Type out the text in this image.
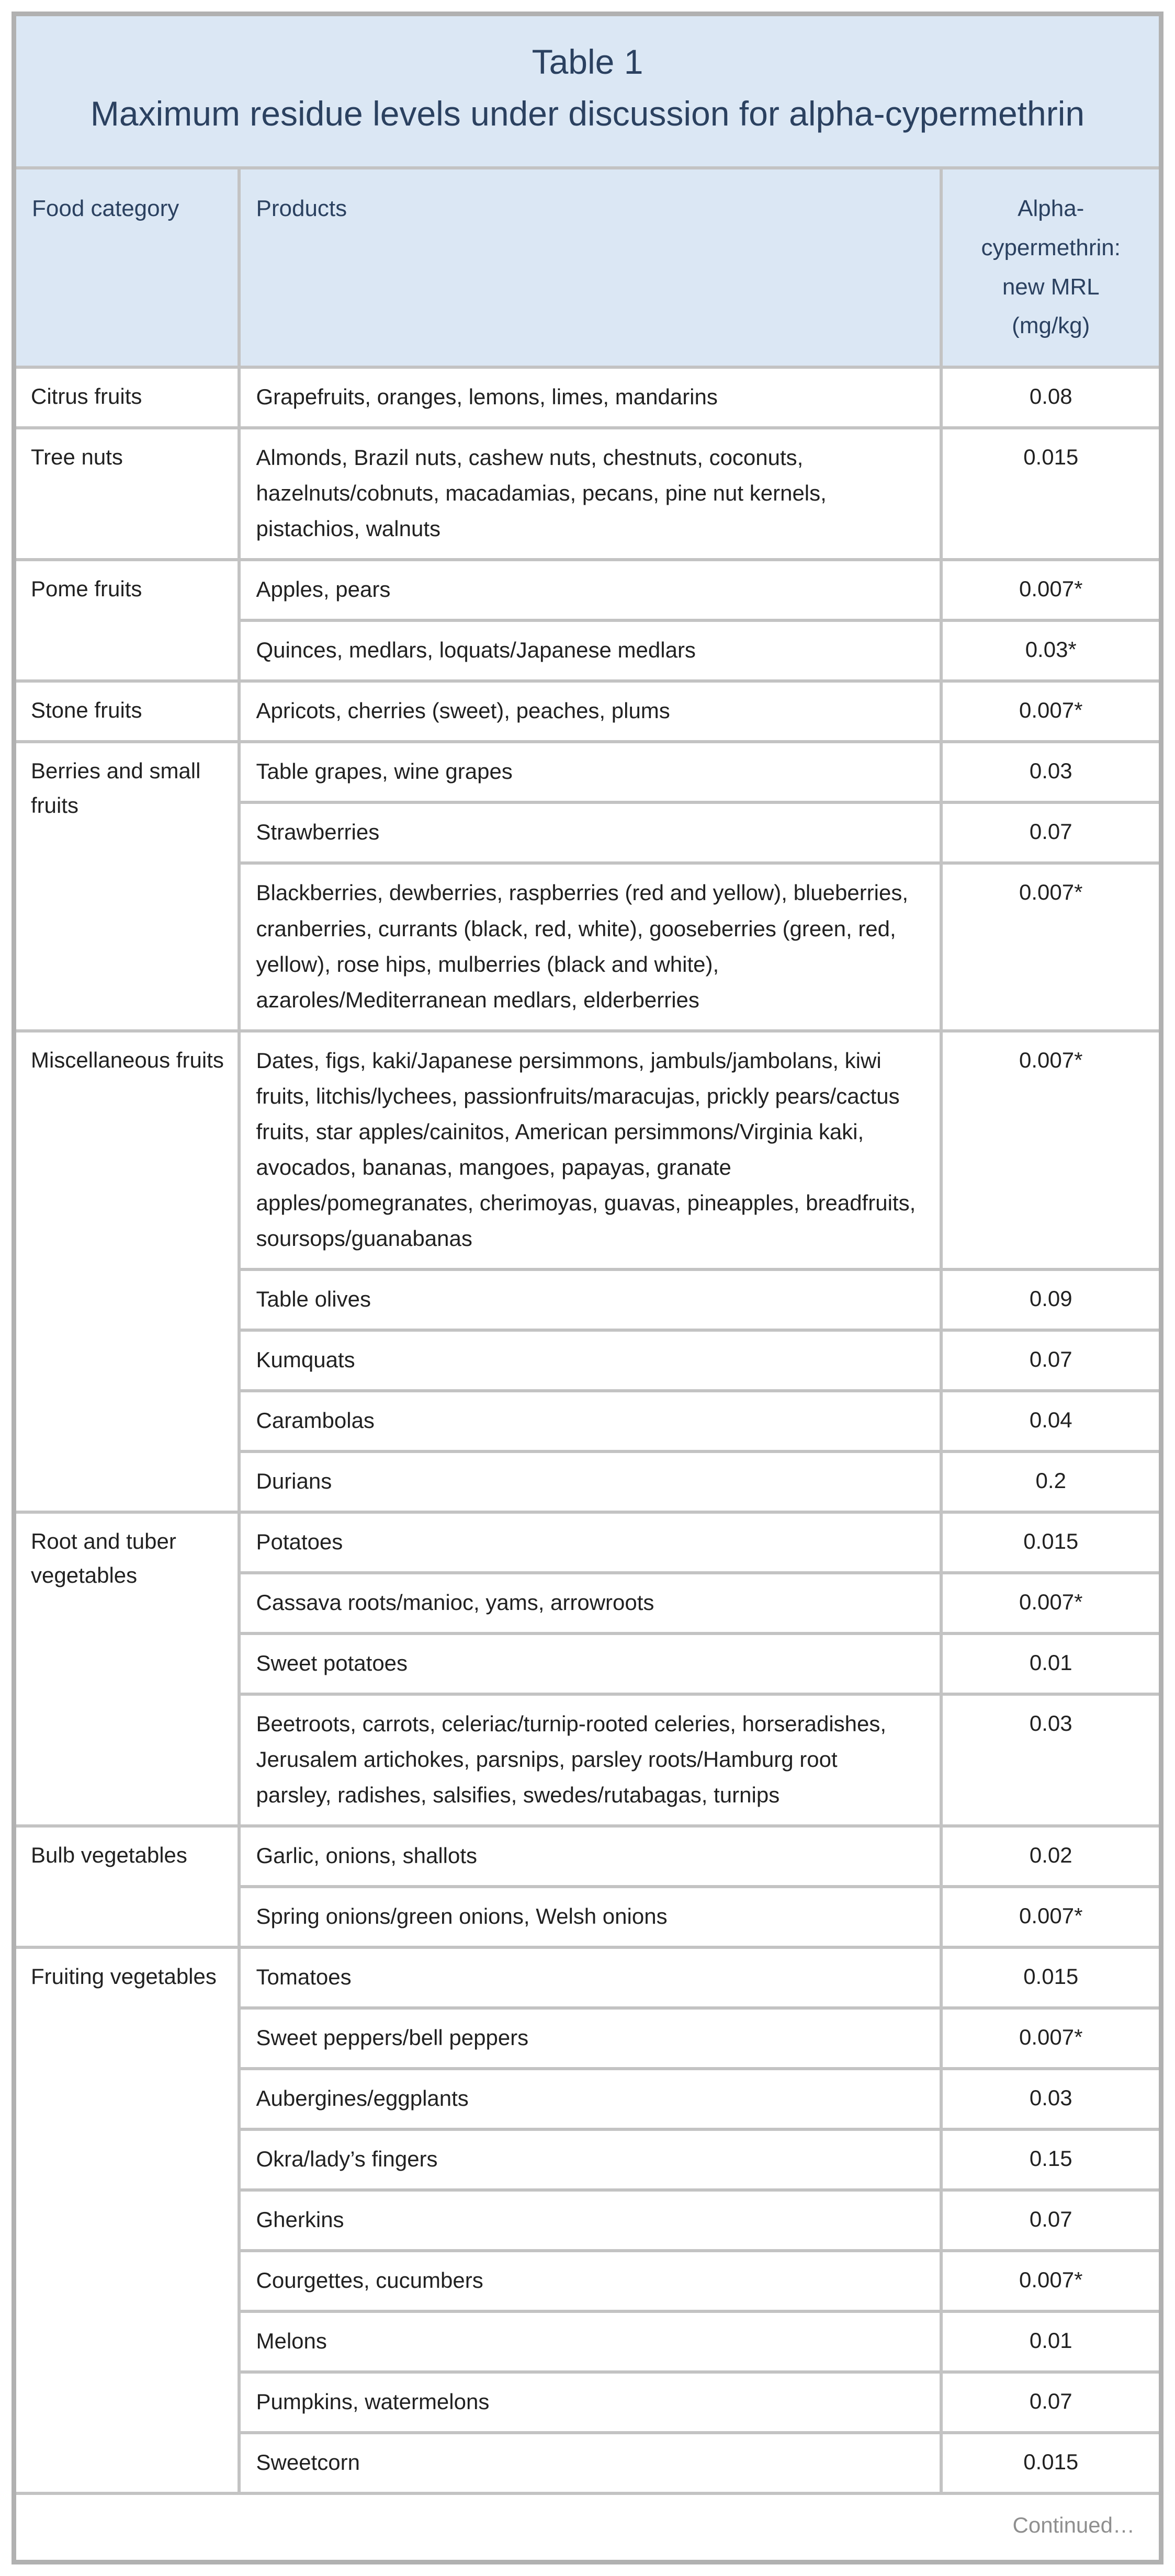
Table 1
Maximum residue levels under discussion for alpha-cypermethrin		

Food category	Products	Alpha-cypermethrin: new MRL (mg/kg)

Citrus fruits	Grapefruits, oranges, lemons, limes, mandarins	0.08
Tree nuts	Almonds, Brazil nuts, cashew nuts, chestnuts, coconuts, hazelnuts/cobnuts, macadamias, pecans, pine nut kernels, pistachios, walnuts	0.015
Pome fruits	Apples, pears	0.007*
	Quinces, medlars, loquats/Japanese medlars	0.03*
Stone fruits	Apricots, cherries (sweet), peaches, plums	0.007*
Berries and small fruits	Table grapes, wine grapes	0.03
	Strawberries	0.07
	Blackberries, dewberries, raspberries (red and yellow), blueberries, cranberries, currants (black, red, white), gooseberries (green, red, yellow), rose hips, mulberries (black and white), azaroles/Mediterranean medlars, elderberries	0.007*
Miscellaneous fruits	Dates, figs, kaki/Japanese persimmons, jambuls/jambolans, kiwi fruits, litchis/lychees, passionfruits/maracujas, prickly pears/cactus fruits, star apples/cainitos, American persimmons/Virginia kaki, avocados, bananas, mangoes, papayas, granate apples/pomegranates, cherimoyas, guavas, pineapples, breadfruits, soursops/guanabanas	0.007*
	Table olives	0.09
	Kumquats	0.07
	Carambolas	0.04
	Durians	0.2
Root and tuber vegetables	Potatoes	0.015
	Cassava roots/manioc, yams, arrowroots	0.007*
	Sweet potatoes	0.01
	Beetroots, carrots, celeriac/turnip-rooted celeries, horseradishes, Jerusalem artichokes, parsnips, parsley roots/Hamburg root parsley, radishes, salsifies, swedes/rutabagas, turnips	0.03
Bulb vegetables	Garlic, onions, shallots	0.02
	Spring onions/green onions, Welsh onions	0.007*
Fruiting vegetables	Tomatoes	0.015
	Sweet peppers/bell peppers	0.007*
	Aubergines/eggplants	0.03
	Okra/lady’s fingers	0.15
	Gherkins	0.07
	Courgettes, cucumbers	0.007*
	Melons	0.01
	Pumpkins, watermelons	0.07
	Sweetcorn	0.015
Continued…		
